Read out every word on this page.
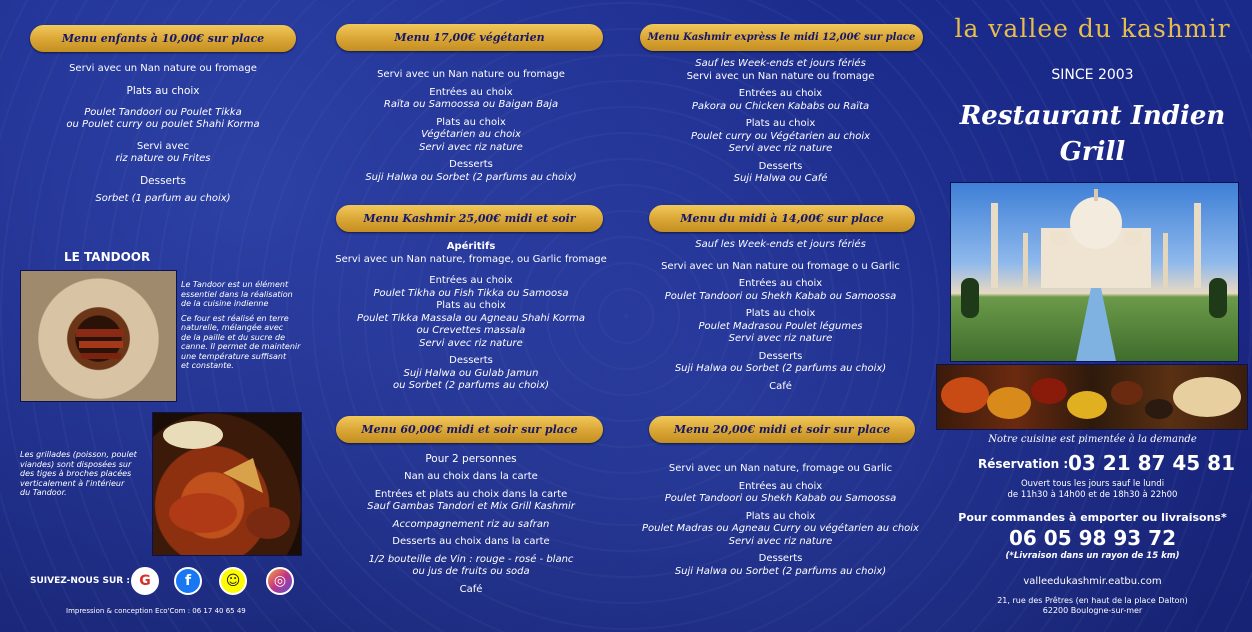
Menu enfants à 10,00€ sur place
Servi avec un Nan nature ou fromage
Plats au choix
Poulet Tandoori ou Poulet Tikka
ou Poulet curry ou poulet Shahi Korma
Servi avec
riz nature ou Frites
Desserts
Sorbet (1 parfum au choix)
LE TANDOOR
Le Tandoor est un élément
essentiel dans la réalisation
de la cuisine indienne
Ce four est réalisé en terre
naturelle, mélangée avec
de la paille et du sucre de
canne. Il permet de maintenir
une température suffisant
et constante.
Les grillades (poisson, poulet
viandes) sont disposées sur
des tiges à broches placées
verticalement à l'intérieur
du Tandoor.
SUIVEZ-NOUS SUR : G f ☺ ◎
Impression & conception Eco'Com : 06 17 40 65 49
Menu 17,00€ végétarien
Servi avec un Nan nature ou fromage
Entrées au choix
Raïta ou Samoossa ou Baigan Baja
Plats au choix
Végétarien au choix
Servi avec riz nature
Desserts
Suji Halwa ou Sorbet (2 parfums au choix)
Menu Kashmir 25,00€ midi et soir
Apéritifs
Servi avec un Nan nature, fromage, ou Garlic fromage
Entrées au choix
Poulet Tikha ou Fish Tikka ou Samoosa
Plats au choix
Poulet Tikka Massala ou Agneau Shahi Korma
ou Crevettes massala
Servi avec riz nature
Desserts
Suji Halwa ou Gulab Jamun
ou Sorbet (2 parfums au choix)
Menu 60,00€ midi et soir sur place
Pour 2 personnes
Nan au choix dans la carte
Entrées et plats au choix dans la carte
Sauf Gambas Tandori et Mix Grill Kashmir
Accompagnement riz au safran
Desserts au choix dans la carte
1/2 bouteille de Vin : rouge - rosé - blanc
ou jus de fruits ou soda
Café
Menu Kashmir exprèss le midi 12,00€ sur place
Sauf les Week-ends et jours fériés
Servi avec un Nan nature ou fromage
Entrées au choix
Pakora ou Chicken Kababs ou Raïta
Plats au choix
Poulet curry ou Végétarien au choix
Servi avec riz nature
Desserts
Suji Halwa ou Café
Menu du midi à 14,00€ sur place
Sauf les Week-ends et jours fériés
Servi avec un Nan nature ou fromage o u Garlic
Entrées au choix
Poulet Tandoori ou Shekh Kabab ou Samoossa
Plats au choix
Poulet Madrasou Poulet légumes
Servi avec riz nature
Desserts
Suji Halwa ou Sorbet (2 parfums au choix)
Café
Menu 20,00€ midi et soir sur place
Servi avec un Nan nature, fromage ou Garlic
Entrées au choix
Poulet Tandoori ou Shekh Kabab ou Samoossa
Plats au choix
Poulet Madras ou Agneau Curry ou végétarien au choix
Servi avec riz nature
Desserts
Suji Halwa ou Sorbet (2 parfums au choix)
la vallee du kashmir
SINCE 2003
Restaurant Indien
Grill
Notre cuisine est pimentée à la demande
Réservation : 03 21 87 45 81
Ouvert tous les jours sauf le lundi
de 11h30 à 14h00 et de 18h30 à 22h00
Pour commandes à emporter ou livraisons*
06 05 98 93 72
(*Livraison dans un rayon de 15 km)
valleedukashmir.eatbu.com
21, rue des Prêtres (en haut de la place Dalton)
62200 Boulogne-sur-mer
